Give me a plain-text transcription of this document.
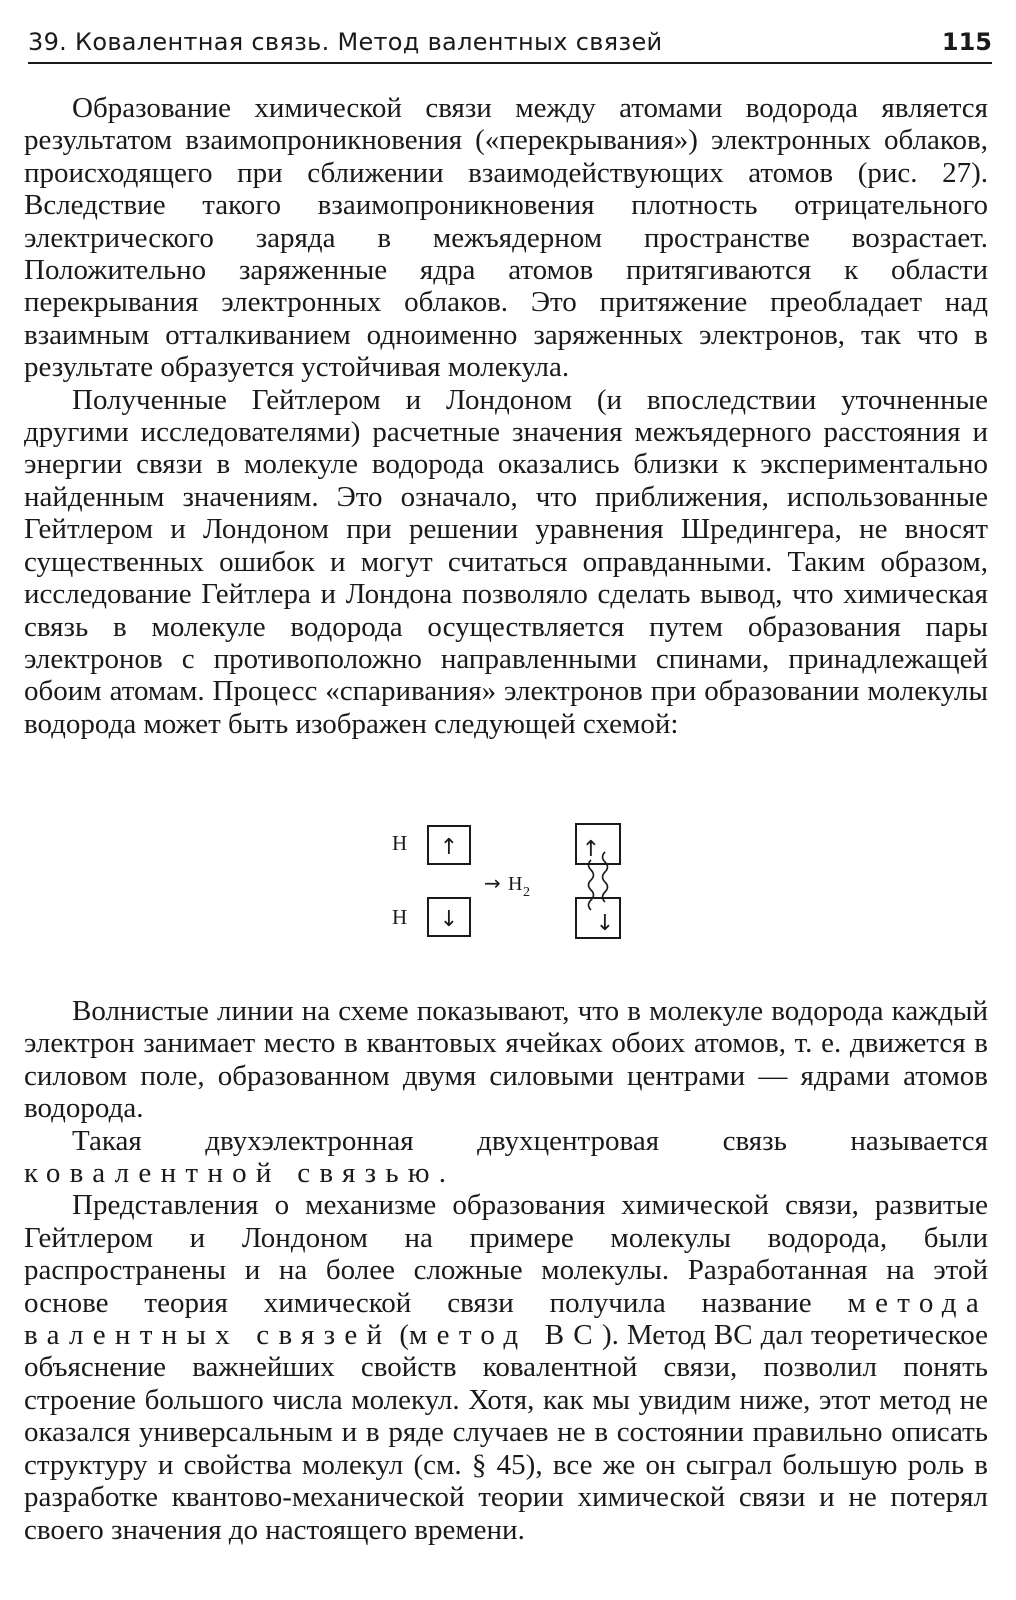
39. Ковалентная связь. Метод валентных связей	115

Образование химической связи между атомами водорода является результатом взаимопроникновения («перекрывания») электронных облаков, происходящего при сближении взаимодействующих атомов (рис. 27). Вследствие такого взаимопроникновения плотность отрицательного электрического заряда в межъядерном пространстве возрастает. Положительно заряженные ядра атомов притягиваются к области перекрывания электронных облаков. Это притяжение преобладает над взаимным отталкиванием одноименно заряженных электронов, так что в результате образуется устойчивая молекула.

Полученные Гейтлером и Лондоном (и впоследствии уточненные другими исследователями) расчетные значения межъядерного расстояния и энергии связи в молекуле водорода оказались близки к экспериментально найденным значениям. Это означало, что приближения, использованные Гейтлером и Лондоном при решении уравнения Шредингера, не вносят существенных ошибок и могут считаться оправданными. Таким образом, исследование Гейтлера и Лондона позволяло сделать вывод, что химическая связь в молекуле водорода осуществляется путем образования пары электронов с противоположно направленными спинами, принадлежащей обоим атомам. Процесс «спаривания» электронов при образовании молекулы водорода может быть изображен следующей схемой:

H ↑
H ↓
→ H 2
↑
↓

Волнистые линии на схеме показывают, что в молекуле водорода каждый электрон занимает место в квантовых ячейках обоих атомов, т. е. движется в силовом поле, образованном двумя силовыми центрами — ядрами атомов водорода.

Такая двухэлектронная двухцентровая связь называется ковалентной связью.

Представления о механизме образования химической связи, развитые Гейтлером и Лондоном на примере молекулы водорода, были распространены и на более сложные молекулы. Разработанная на этой основе теория химической связи получила название метода валентных связей (метод ВС). Метод ВС дал теоретическое объяснение важнейших свойств ковалентной связи, позволил понять строение большого числа молекул. Хотя, как мы увидим ниже, этот метод не оказался универсальным и в ряде случаев не в состоянии правильно описать структуру и свойства молекул (см. § 45), все же он сыграл большую роль в разработке квантово-механической теории химической связи и не потерял своего значения до настоящего времени.
